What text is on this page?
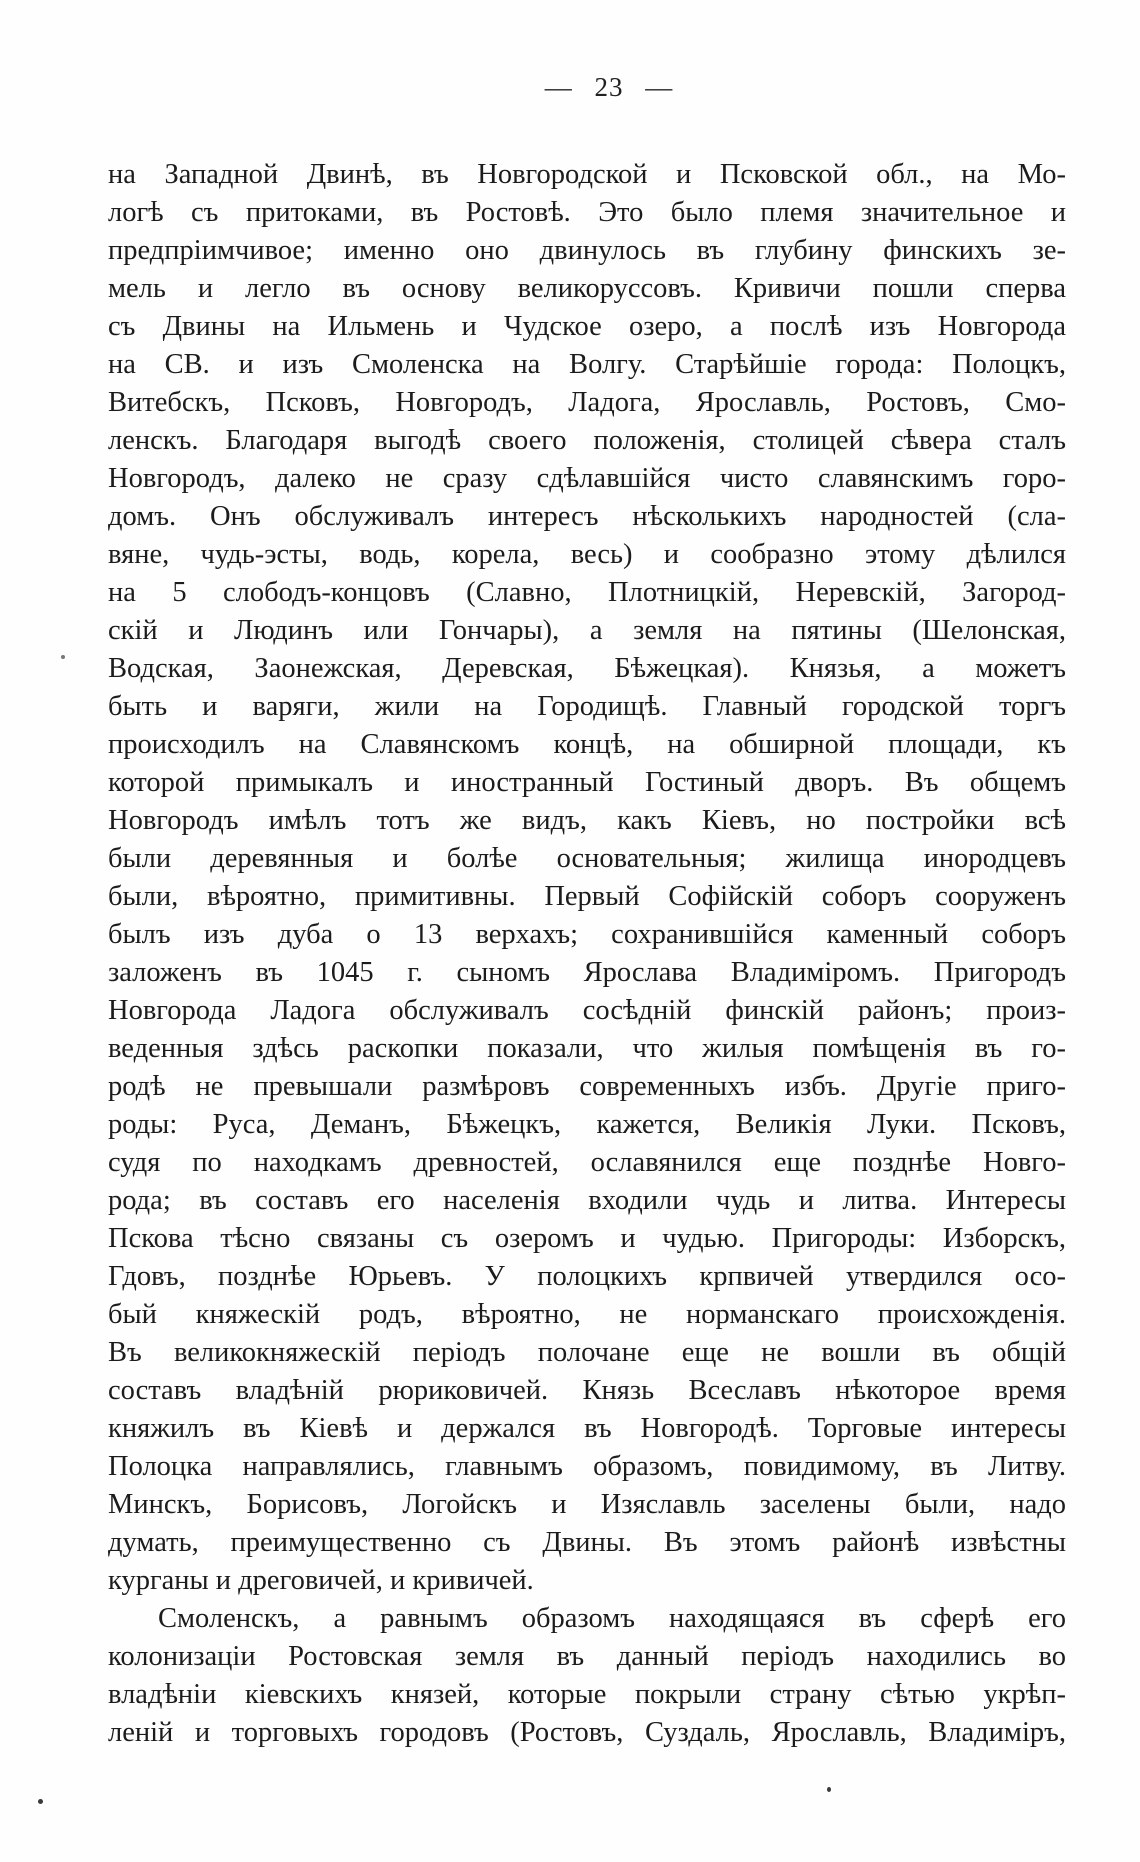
— 23 —
на Западной Двинѣ, въ Новгородской и Псковской обл., на Мо-
логѣ съ притоками, въ Ростовѣ. Это было племя значительное и
предпріимчивое; именно оно двинулось въ глубину финскихъ зе-
мель и легло въ основу великоруссовъ. Кривичи пошли сперва
съ Двины на Ильмень и Чудское озеро, а послѣ изъ Новгорода
на СВ. и изъ Смоленска на Волгу. Старѣйшіе города: Полоцкъ,
Витебскъ, Псковъ, Новгородъ, Ладога, Ярославль, Ростовъ, Смо-
ленскъ. Благодаря выгодѣ своего положенія, столицей сѣвера сталъ
Новгородъ, далеко не сразу сдѣлавшійся чисто славянскимъ горо-
домъ. Онъ обслуживалъ интересъ нѣсколькихъ народностей (сла-
вяне, чудь-эсты, водь, корела, весь) и сообразно этому дѣлился
на 5 слободъ-концовъ (Славно, Плотницкій, Неревскій, Загород-
скій и Людинъ или Гончары), а земля на пятины (Шелонская,
Водская, Заонежская, Деревская, Бѣжецкая). Князья, а можетъ
быть и варяги, жили на Городищѣ. Главный городской торгъ
происходилъ на Славянскомъ концѣ, на обширной площади, къ
которой примыкалъ и иностранный Гостиный дворъ. Въ общемъ
Новгородъ имѣлъ тотъ же видъ, какъ Кіевъ, но постройки всѣ
были деревянныя и болѣе основательныя; жилища инородцевъ
были, вѣроятно, примитивны. Первый Софійскій соборъ сооруженъ
былъ изъ дуба о 13 верхахъ; сохранившійся каменный соборъ
заложенъ въ 1045 г. сыномъ Ярослава Владиміромъ. Пригородъ
Новгорода Ладога обслуживалъ сосѣдній финскій районъ; произ-
веденныя здѣсь раскопки показали, что жилыя помѣщенія въ го-
родѣ не превышали размѣровъ современныхъ избъ. Другіе приго-
роды: Руса, Деманъ, Бѣжецкъ, кажется, Великія Луки. Псковъ,
судя по находкамъ древностей, ославянился еще позднѣе Новго-
рода; въ составъ его населенія входили чудь и литва. Интересы
Пскова тѣсно связаны съ озеромъ и чудью. Пригороды: Изборскъ,
Гдовъ, позднѣе Юрьевъ. У полоцкихъ крпвичей утвердился осо-
бый княжескій родъ, вѣроятно, не норманскаго происхожденія.
Въ великокняжескій періодъ полочане еще не вошли въ общій
составъ владѣній рюриковичей. Князь Всеславъ нѣкоторое время
княжилъ въ Кіевѣ и держался въ Новгородѣ. Торговые интересы
Полоцка направлялись, главнымъ образомъ, повидимому, въ Литву.
Минскъ, Борисовъ, Логойскъ и Изяславль заселены были, надо
думать, преимущественно съ Двины. Въ этомъ районѣ извѣстны
курганы и дреговичей, и кривичей.
Смоленскъ, а равнымъ образомъ находящаяся въ сферѣ его
колонизаціи Ростовская земля въ данный періодъ находились во
владѣніи кіевскихъ князей, которые покрыли страну сѣтью укрѣп-
леній и торговыхъ городовъ (Ростовъ, Суздаль, Ярославль, Владиміръ,
